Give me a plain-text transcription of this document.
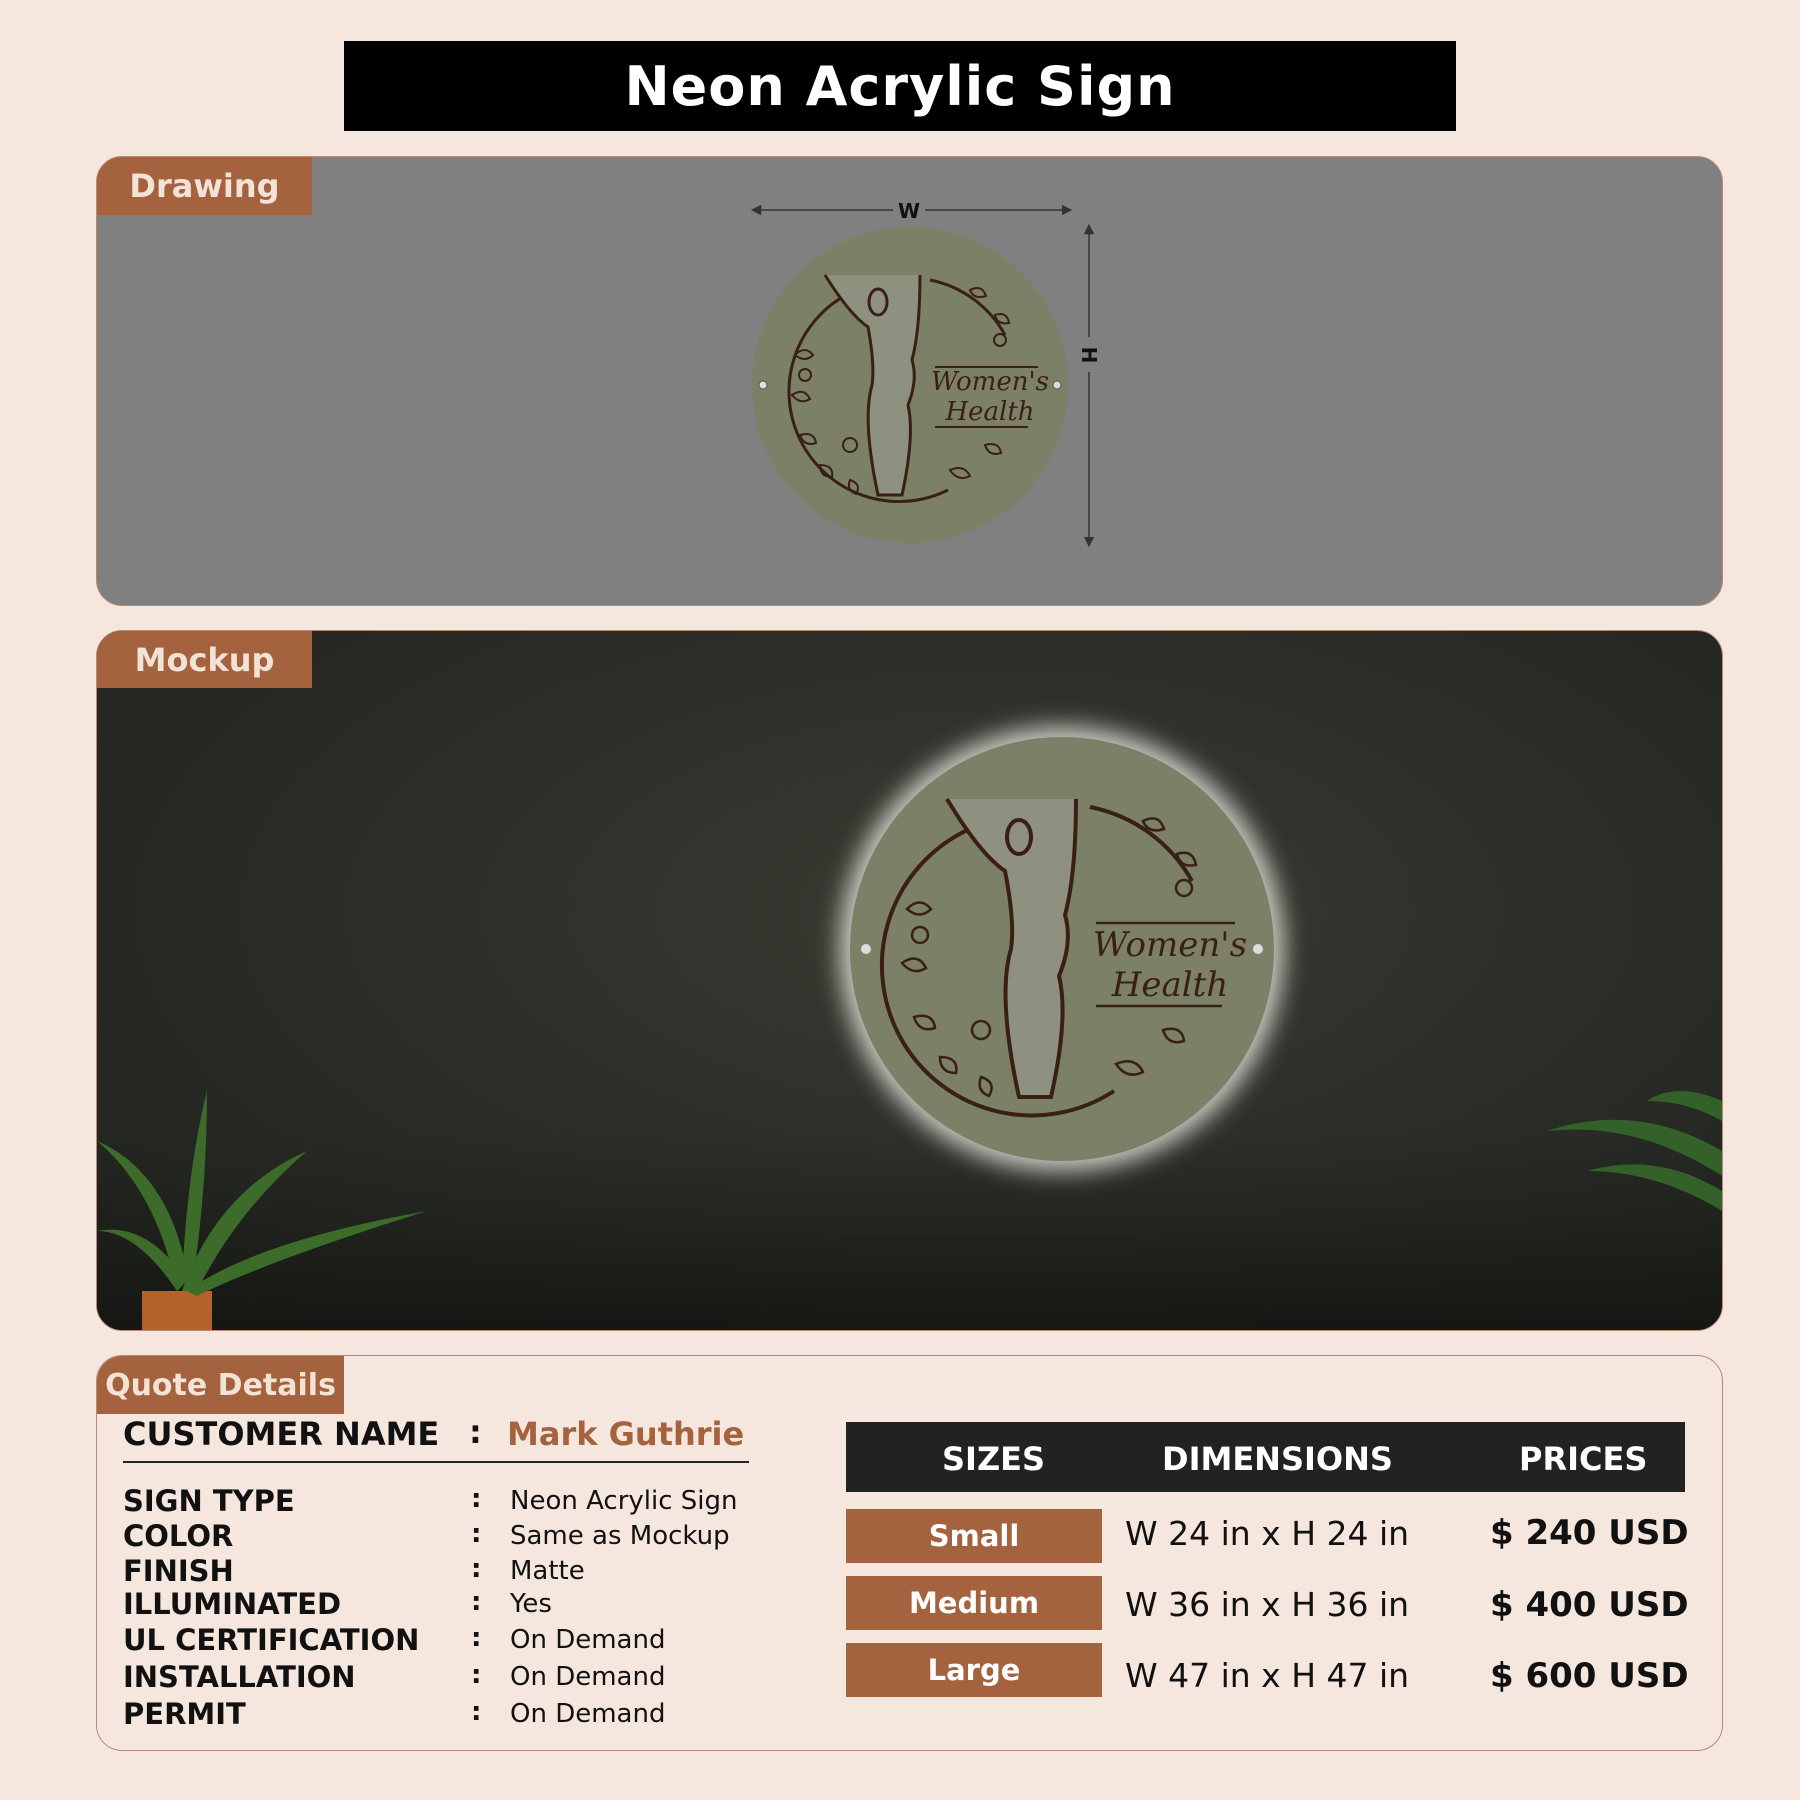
Neon Acrylic Sign
Drawing
W
H
Women's
Health
Mockup
Women's
Health
Quote Details
CUSTOMER NAME : Mark Guthrie
SIGN TYPE	: Neon Acrylic Sign
COLOR	: Same as Mockup
FINISH	: Matte
ILLUMINATED	: Yes
UL CERTIFICATION : On Demand
INSTALLATION	: On Demand
PERMIT	: On Demand
SIZES	DIMENSIONS	PRICES
Small	W 24 in x H 24 in $ 240 USD
Medium	W 36 in x H 36 in $ 400 USD
Large	W 47 in x H 47 in $ 600 USD
